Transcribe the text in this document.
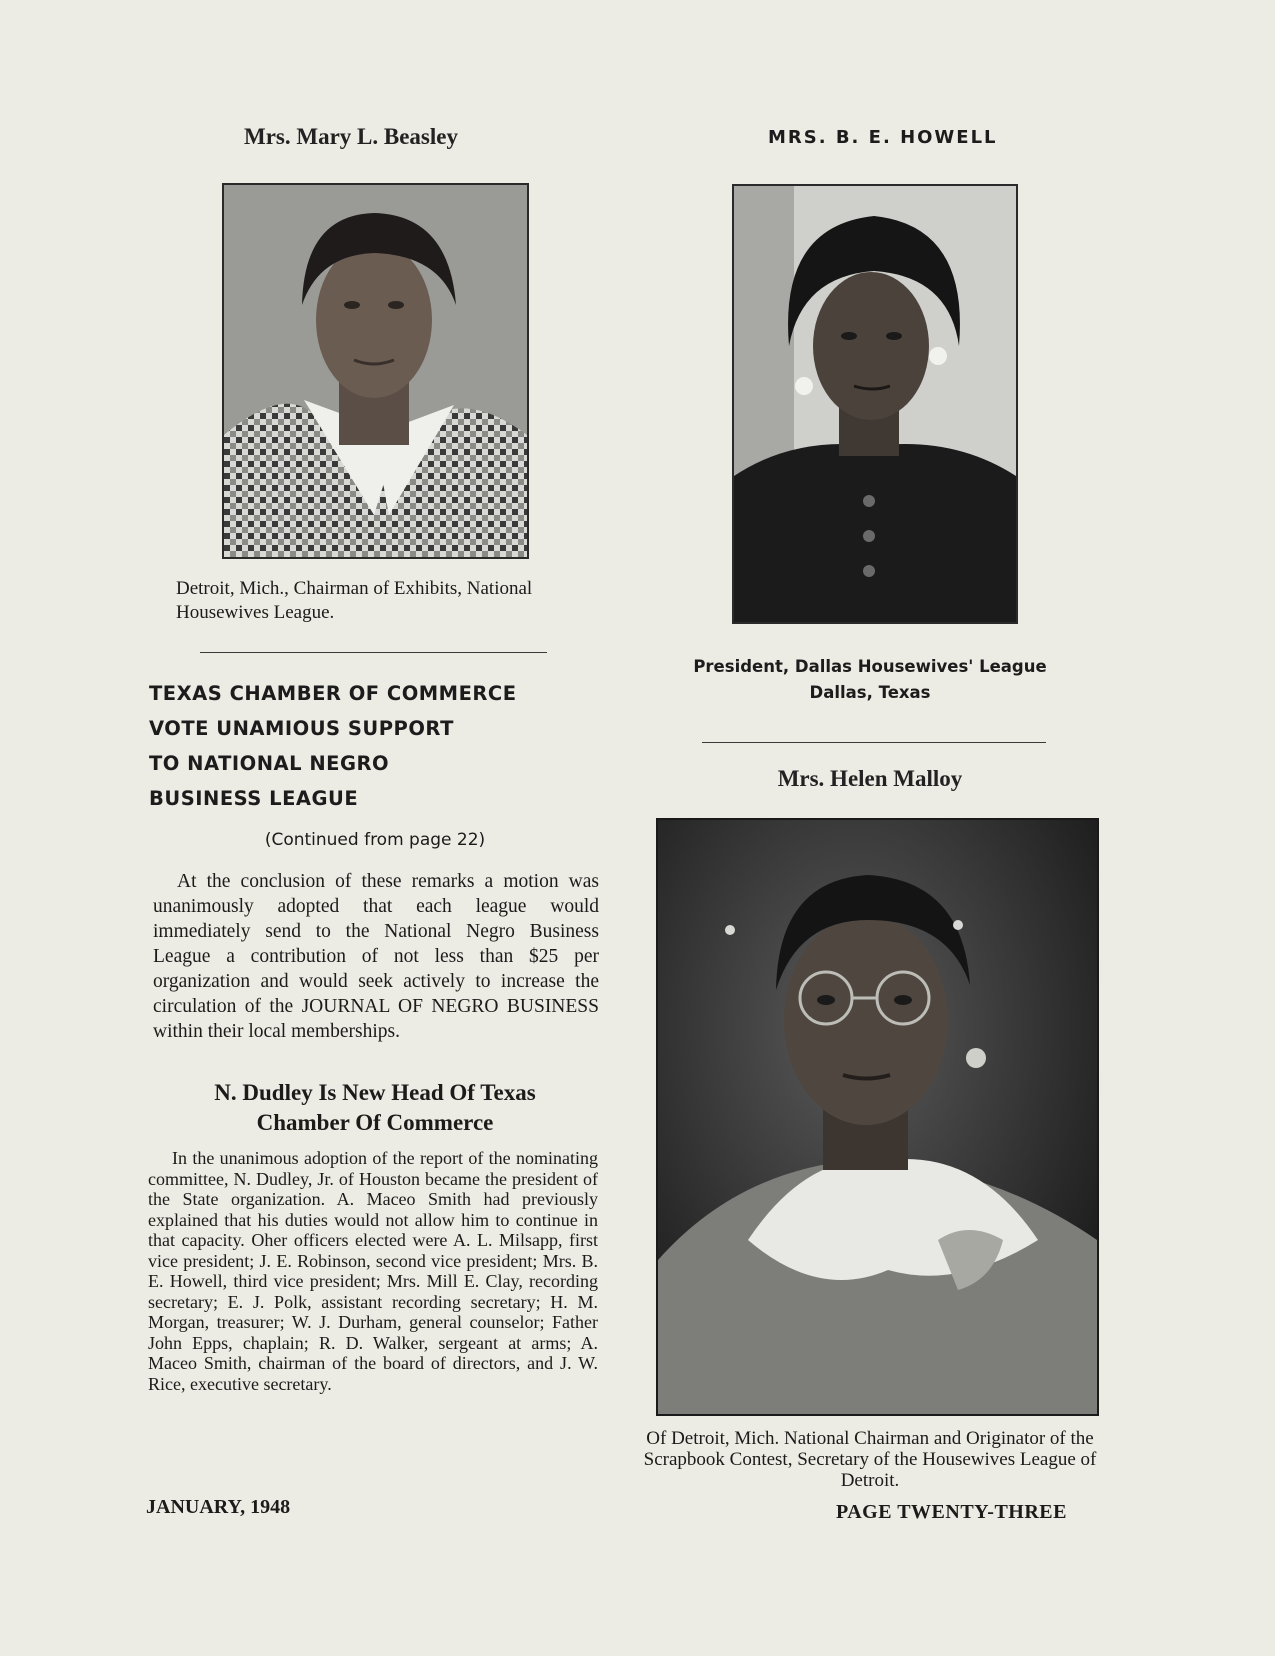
Mrs. Mary L. Beasley
Detroit, Mich., Chairman of Exhibits, National Housewives League.
TEXAS CHAMBER OF COMMERCE
VOTE UNAMIOUS SUPPORT
TO NATIONAL NEGRO
BUSINESS LEAGUE
(Continued from page 22)
At the conclusion of these remarks a motion was unanimously adopted that each league would immediately send to the National Negro Business League a contribution of not less than $25 per organization and would seek actively to increase the circulation of the JOURNAL OF NEGRO BUSINESS within their local memberships.
N. Dudley Is New Head Of Texas
Chamber Of Commerce
In the unanimous adoption of the report of the nominating committee, N. Dudley, Jr. of Houston became the president of the State organization. A. Maceo Smith had previously explained that his duties would not allow him to continue in that capacity. Oher officers elected were A. L. Milsapp, first vice president; J. E. Robinson, second vice president; Mrs. B. E. Howell, third vice president; Mrs. Mill E. Clay, recording secretary; E. J. Polk, assistant recording secretary; H. M. Morgan, treasurer; W. J. Durham, general counselor; Father John Epps, chaplain; R. D. Walker, sergeant at arms; A. Maceo Smith, chairman of the board of directors, and J. W. Rice, executive secretary.
JANUARY, 1948
MRS. B. E. HOWELL
President, Dallas Housewives' League
Dallas, Texas
Mrs. Helen Malloy
Of Detroit, Mich. National Chairman and Originator of the Scrapbook Contest, Secretary of the Housewives League of Detroit.
PAGE TWENTY-THREE
